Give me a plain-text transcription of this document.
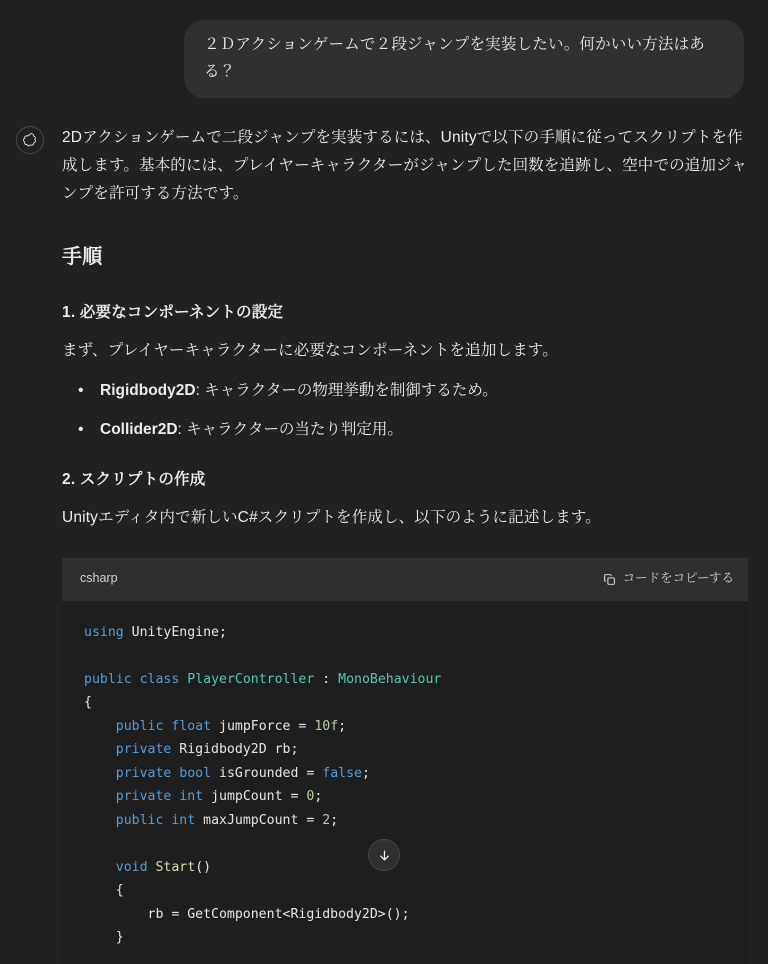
２Ｄアクションゲームで２段ジャンプを実装したい。何かいい方法はある？

2Dアクションゲームで二段ジャンプを実装するには、Unityで以下の手順に従ってスクリプトを作成します。基本的には、プレイヤーキャラクターがジャンプした回数を追跡し、空中での追加ジャンプを許可する方法です。

手順
1. 必要なコンポーネントの設定

まず、プレイヤーキャラクターに必要なコンポーネントを追加します。

• Rigidbody2D: キャラクターの物理挙動を制御するため。
• Collider2D: キャラクターの当たり判定用。
2. スクリプトの作成

Unityエディタ内で新しいC#スクリプトを作成し、以下のように記述します。

csharp	コードをコピーする
using UnityEngine;

public class PlayerController : MonoBehaviour
{
public float jumpForce = 10f;
private Rigidbody2D rb;
private bool isGrounded = false;
private int jumpCount = 0;
public int maxJumpCount = 2;

void Start()
{
rb = GetComponent<Rigidbody2D>();
}
